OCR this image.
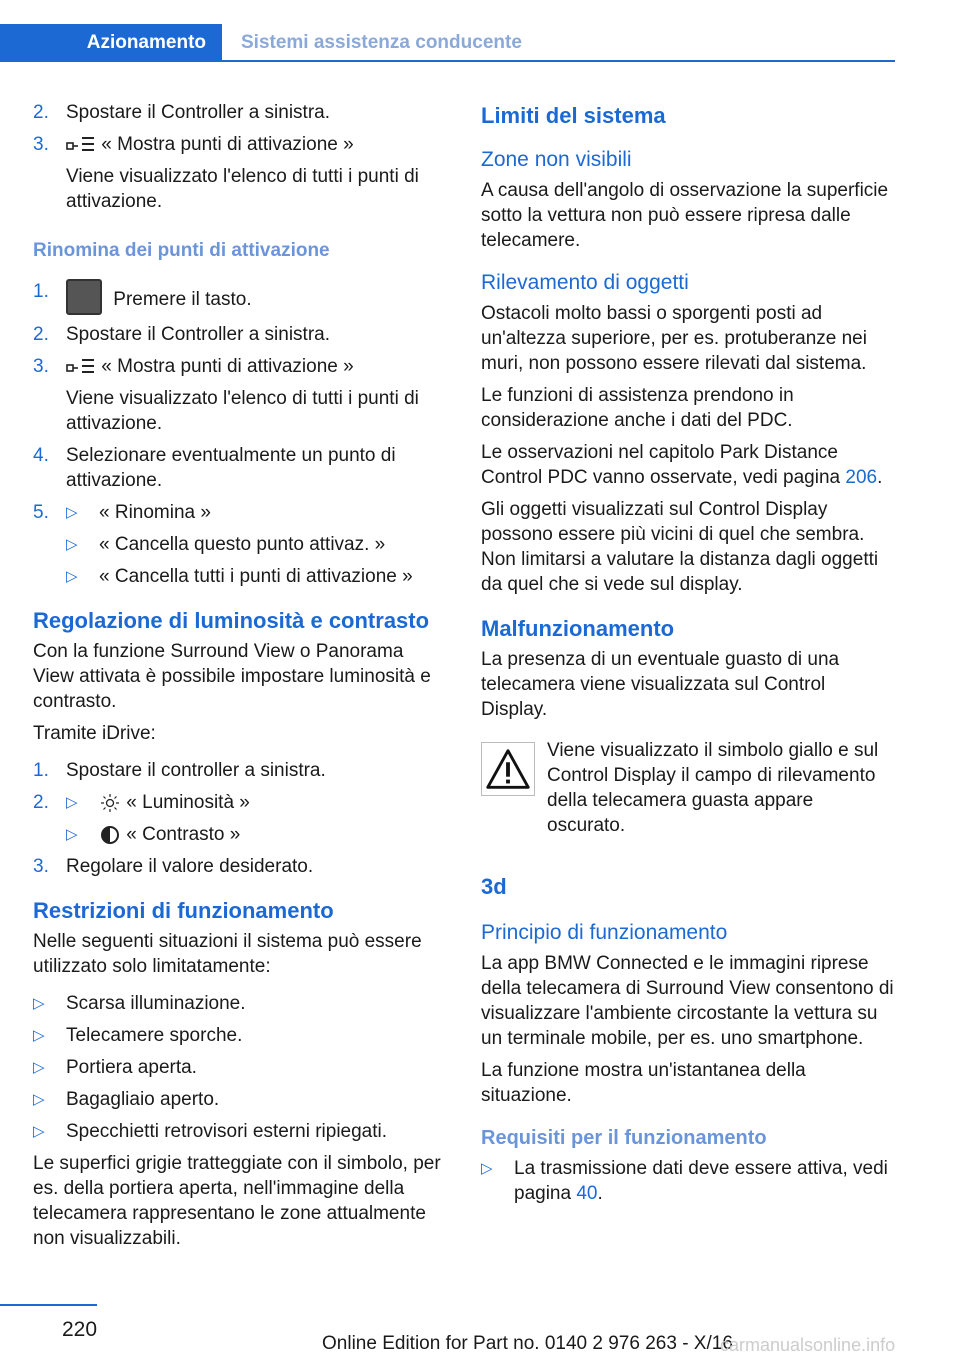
Azionamento	Sistemi assistenza conducente
2. Spostare il Controller a sinistra.
3.	« Mostra punti di attivazione »

Viene visualizzato l'elenco di tutti i punti di attivazione.

Rinomina dei punti di attivazione
1.	Premere il tasto.
2. Spostare il Controller a sinistra.
3.	« Mostra punti di attivazione »

Viene visualizzato l'elenco di tutti i punti di attivazione.

4. Selezionare eventualmente un punto di attivazione.
5. ▷ « Rinomina »
▷ « Cancella questo punto attivaz. »
▷ « Cancella tutti i punti di attivazione »
Regolazione di luminosità e contrasto

Con la funzione Surround View o Panorama View attivata è possibile impostare luminosità e contrasto.

Tramite iDrive:

1. Spostare il controller a sinistra.
2. ▷	« Luminosità »
▷	« Contrasto »
3. Regolare il valore desiderato.
Restrizioni di funzionamento

Nelle seguenti situazioni il sistema può essere utilizzato solo limitatamente:

▷ Scarsa illuminazione.
▷ Telecamere sporche.
▷ Portiera aperta.
▷ Bagagliaio aperto.
▷ Specchietti retrovisori esterni ripiegati.

Le superfici grigie tratteggiate con il simbolo, per es. della portiera aperta, nell'immagine della telecamera rappresentano le zone attualmente non visualizzabili.

Limiti del sistema
Zone non visibili

A causa dell'angolo di osservazione la superficie sotto la vettura non può essere ripresa dalle telecamere.

Rilevamento di oggetti

Ostacoli molto bassi o sporgenti posti ad un'altezza superiore, per es. protuberanze nei muri, non possono essere rilevati dal sistema.

Le funzioni di assistenza prendono in considerazione anche i dati del PDC.

Le osservazioni nel capitolo Park Distance Control PDC vanno osservate, vedi pagina 206.

Gli oggetti visualizzati sul Control Display possono essere più vicini di quel che sembra. Non limitarsi a valutare la distanza dagli oggetti da quel che si vede sul display.

Malfunzionamento

La presenza di un eventuale guasto di una telecamera viene visualizzata sul Control Display.

Viene visualizzato il simbolo giallo e sul Control Display il campo di rilevamento della telecamera guasta appare oscurato.

3d
Principio di funzionamento

La app BMW Connected e le immagini riprese della telecamera di Surround View consentono di visualizzare l'ambiente circostante la vettura su un terminale mobile, per es. uno smartphone.

La funzione mostra un'istantanea della situazione.

Requisiti per il funzionamento
▷ La trasmissione dati deve essere attiva, vedi pagina 40.
220
Online Edition for Part no. 0140 2 976 263 - X/16
carmanualsonline.info
